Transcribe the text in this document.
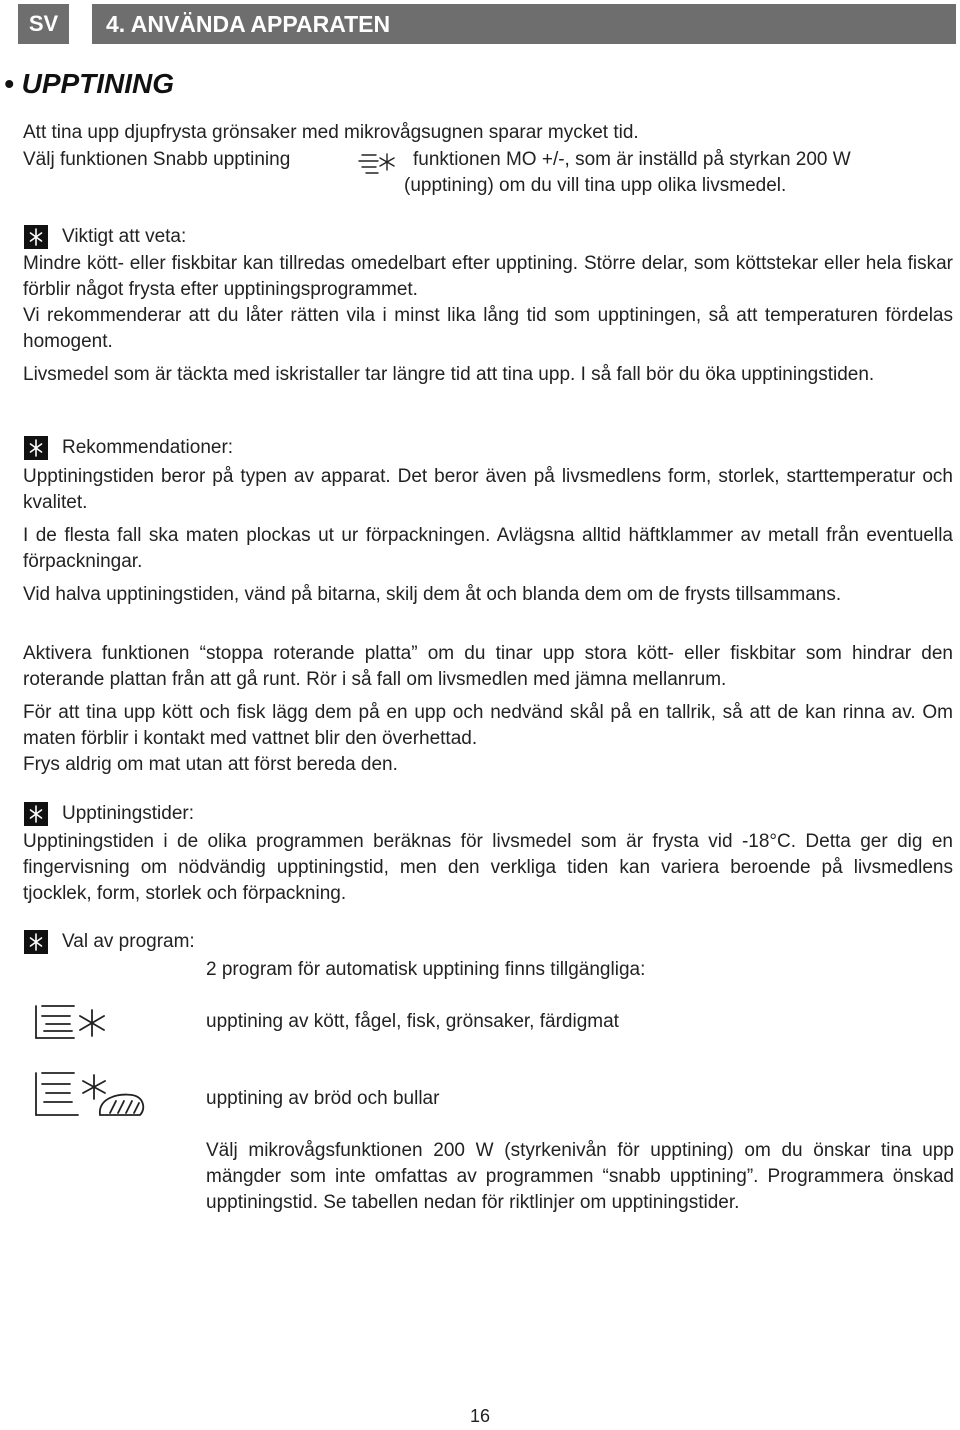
SV	4. ANVÄNDA APPARATEN
• UPPTINING
Att tina upp djupfrysta grönsaker med mikrovågsugnen sparar mycket tid.
Välj funktionen Snabb upptining	funktionen MO +/-, som är inställd på styrkan 200 W
(upptining) om du vill tina upp olika livsmedel.
Viktigt att veta:
Mindre kött- eller fiskbitar kan tillredas omedelbart efter upptining. Större delar, som köttstekar eller hela fiskar förblir något frysta efter upptiningsprogrammet.
Vi rekommenderar att du låter rätten vila i minst lika lång tid som upptiningen, så att temperaturen fördelas homogent.
Livsmedel som är täckta med iskristaller tar längre tid att tina upp. I så fall bör du öka upptiningstiden.
Rekommendationer:
Upptiningstiden beror på typen av apparat. Det beror även på livsmedlens form, storlek, starttemperatur och kvalitet.
I de flesta fall ska maten plockas ut ur förpackningen. Avlägsna alltid häftklammer av metall från eventuella förpackningar.
Vid halva upptiningstiden, vänd på bitarna, skilj dem åt och blanda dem om de frysts tillsammans.
Aktivera funktionen “stoppa roterande platta” om du tinar upp stora kött- eller fiskbitar som hindrar den roterande plattan från att gå runt. Rör i så fall om livsmedlen med jämna mellanrum.
För att tina upp kött och fisk lägg dem på en upp och nedvänd skål på en tallrik, så att de kan rinna av. Om maten förblir i kontakt med vattnet blir den överhettad.
Frys aldrig om mat utan att först bereda den.
Upptiningstider:
Upptiningstiden i de olika programmen beräknas för livsmedel som är frysta vid -18°C. Detta ger dig en fingervisning om nödvändig upptiningstid, men den verkliga tiden kan variera beroende på livsmedlens tjocklek, form, storlek och förpackning.
Val av program:
2 program för automatisk upptining finns tillgängliga:
upptining av kött, fågel, fisk, grönsaker, färdigmat
upptining av bröd och bullar
Välj mikrovågsfunktionen 200 W (styrkenivån för upptining) om du önskar tina upp mängder som inte omfattas av programmen “snabb upptining”. Programmera önskad upptiningstid. Se tabellen nedan för riktlinjer om upptiningstider.
16
